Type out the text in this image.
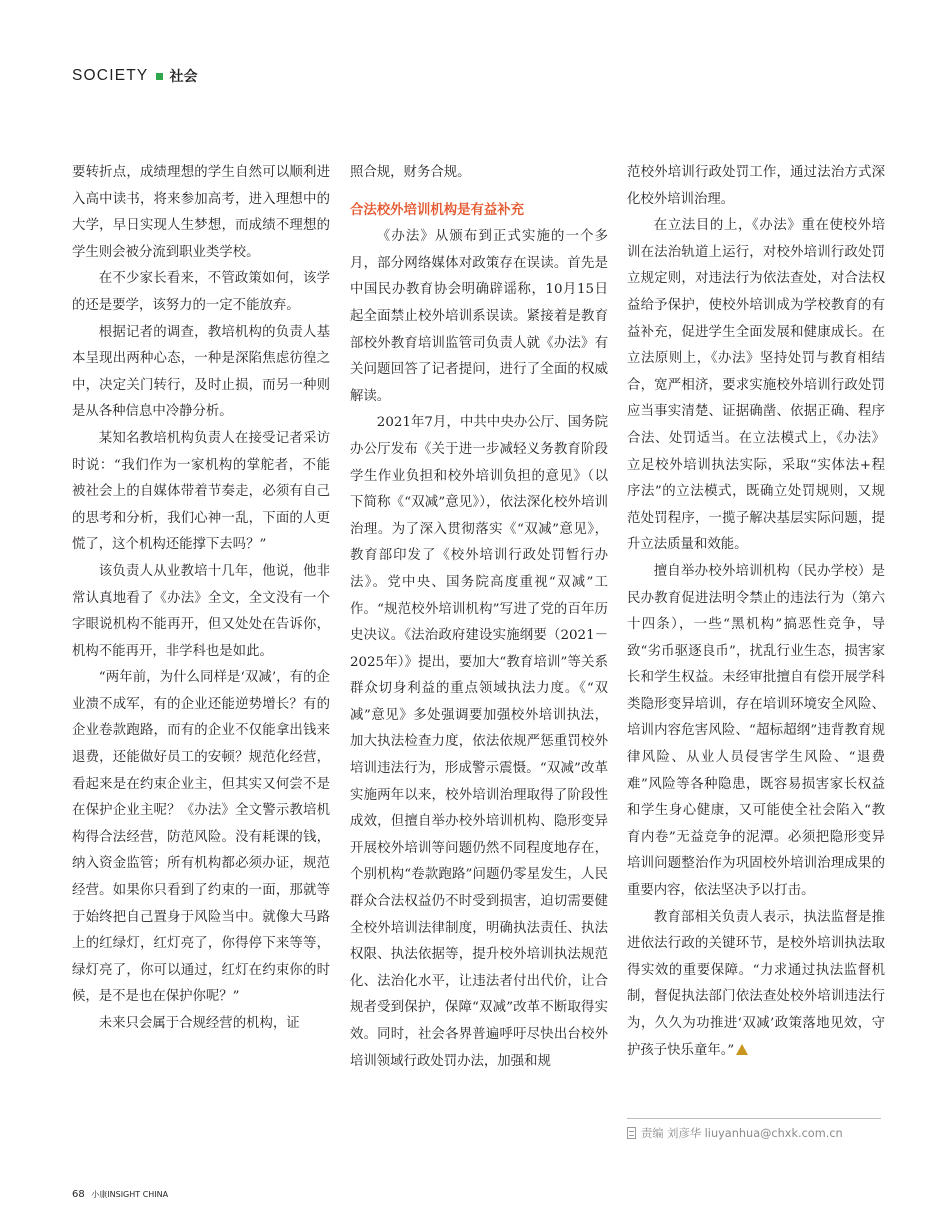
SOCIETY 社会

要转折点，成绩理想的学生自然可以顺利进入高中读书，将来参加高考，进入理想中的大学，早日实现人生梦想，而成绩不理想的学生则会被分流到职业类学校。

在不少家长看来，不管政策如何，该学的还是要学，该努力的一定不能放弃。

根据记者的调查，教培机构的负责人基本呈现出两种心态，一种是深陷焦虑彷徨之中，决定关门转行，及时止损，而另一种则是从各种信息中冷静分析。

某知名教培机构负责人在接受记者采访时说：“我们作为一家机构的掌舵者，不能被社会上的自媒体带着节奏走，必须有自己的思考和分析，我们心神一乱，下面的人更慌了，这个机构还能撑下去吗？”

该负责人从业教培十几年，他说，他非常认真地看了《办法》全文，全文没有一个字眼说机构不能再开，但又处处在告诉你，机构不能再开，非学科也是如此。

“两年前，为什么同样是‘双减’，有的企业溃不成军，有的企业还能逆势增长？有的企业卷款跑路，而有的企业不仅能拿出钱来退费，还能做好员工的安顿？规范化经营，看起来是在约束企业主，但其实又何尝不是在保护企业主呢？《办法》全文警示教培机构得合法经营，防范风险。没有耗课的钱，纳入资金监管；所有机构都必须办证，规范经营。如果你只看到了约束的一面，那就等于始终把自己置身于风险当中。就像大马路上的红绿灯，红灯亮了，你得停下来等等，绿灯亮了，你可以通过，红灯在约束你的时候，是不是也在保护你呢？”

未来只会属于合规经营的机构，证

照合规，财务合规。

合法校外培训机构是有益补充

《办法》从颁布到正式实施的一个多月，部分网络媒体对政策存在误读。首先是中国民办教育协会明确辟谣称，10月15日起全面禁止校外培训系误读。紧接着是教育部校外教育培训监管司负责人就《办法》有关问题回答了记者提问，进行了全面的权威解读。

2021年7月，中共中央办公厅、国务院办公厅发布《关于进一步减轻义务教育阶段学生作业负担和校外培训负担的意见》（以下简称《“双减”意见》），依法深化校外培训治理。为了深入贯彻落实《“双减”意见》，教育部印发了《校外培训行政处罚暂行办法》。党中央、国务院高度重视“双减”工作。“规范校外培训机构”写进了党的百年历史决议。《法治政府建设实施纲要（2021－2025年）》提出，要加大“教育培训”等关系群众切身利益的重点领域执法力度。《“双减”意见》多处强调要加强校外培训执法，加大执法检查力度，依法依规严惩重罚校外培训违法行为，形成警示震慑。“双减”改革实施两年以来，校外培训治理取得了阶段性成效，但擅自举办校外培训机构、隐形变异开展校外培训等问题仍然不同程度地存在，个别机构“卷款跑路”问题仍零星发生，人民群众合法权益仍不时受到损害，迫切需要健全校外培训法律制度，明确执法责任、执法权限、执法依据等，提升校外培训执法规范化、法治化水平，让违法者付出代价，让合规者受到保护，保障“双减”改革不断取得实效。同时，社会各界普遍呼吁尽快出台校外培训领域行政处罚办法，加强和规

范校外培训行政处罚工作，通过法治方式深化校外培训治理。

在立法目的上，《办法》重在使校外培训在法治轨道上运行，对校外培训行政处罚立规定则，对违法行为依法查处，对合法权益给予保护，使校外培训成为学校教育的有益补充，促进学生全面发展和健康成长。在立法原则上，《办法》坚持处罚与教育相结合，宽严相济，要求实施校外培训行政处罚应当事实清楚、证据确凿、依据正确、程序合法、处罚适当。在立法模式上，《办法》立足校外培训执法实际，采取“实体法+程序法”的立法模式，既确立处罚规则，又规范处罚程序，一揽子解决基层实际问题，提升立法质量和效能。

擅自举办校外培训机构（民办学校）是民办教育促进法明令禁止的违法行为（第六十四条），一些“黑机构”搞恶性竞争，导致“劣币驱逐良币”，扰乱行业生态，损害家长和学生权益。未经审批擅自有偿开展学科类隐形变异培训，存在培训环境安全风险、培训内容危害风险、“超标超纲”违背教育规律风险、从业人员侵害学生风险、“退费难”风险等各种隐患，既容易损害家长权益和学生身心健康，又可能使全社会陷入“教育内卷”无益竞争的泥潭。必须把隐形变异培训问题整治作为巩固校外培训治理成果的重要内容，依法坚决予以打击。

教育部相关负责人表示，执法监督是推进依法行政的关键环节，是校外培训执法取得实效的重要保障。“力求通过执法监督机制，督促执法部门依法查处校外培训违法行为，久久为功推进‘双减’政策落地见效，守护孩子快乐童年。”

责编 刘彦华 liuyanhua@chxk.com.cn
68 小康INSIGHT CHINA
